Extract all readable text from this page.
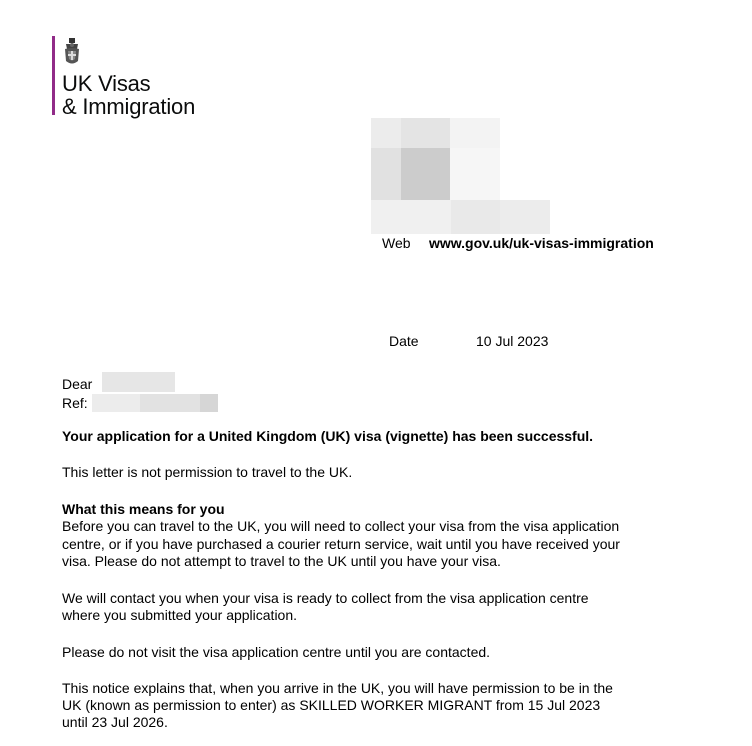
UK Visas
& Immigration
Web www.gov.uk/uk-visas-immigration
Date	10 Jul 2023
Dear
Ref:
Your application for a United Kingdom (UK) visa (vignette) has been successful.
This letter is not permission to travel to the UK.
What this means for you
Before you can travel to the UK, you will need to collect your visa from the visa application
centre, or if you have purchased a courier return service, wait until you have received your
visa. Please do not attempt to travel to the UK until you have your visa.
We will contact you when your visa is ready to collect from the visa application centre
where you submitted your application.
Please do not visit the visa application centre until you are contacted.
This notice explains that, when you arrive in the UK, you will have permission to be in the
UK (known as permission to enter) as SKILLED WORKER MIGRANT from 15 Jul 2023
until 23 Jul 2026.
